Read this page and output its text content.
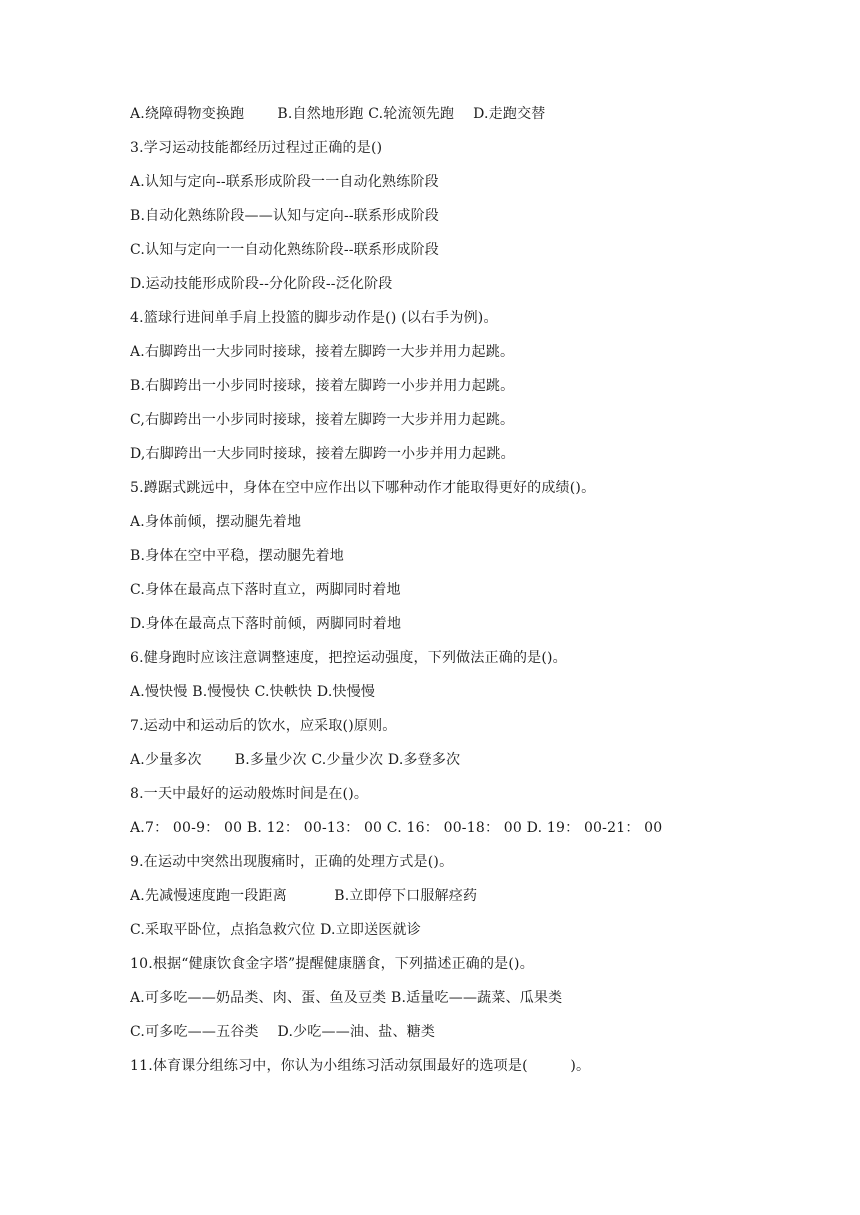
A.绕障碍物变换跑　　 B.自然地形跑 C.轮流领先跑　 D.走跑交替
3.学习运动技能都经历过程过正确的是()
A.认知与定向--联系形成阶段一一自动化熟练阶段
B.自动化熟练阶段——认知与定向--联系形成阶段
C.认知与定向一一自动化熟练阶段--联系形成阶段
D.运动技能形成阶段--分化阶段--泛化阶段
4.篮球行进间单手肩上投篮的脚步动作是() (以右手为例)。
A.右脚跨出一大步同时接球，接着左脚跨一大步并用力起跳。
B.右脚跨出一小步同时接球，接着左脚跨一小步并用力起跳。
C,右脚跨出一小步同时接球，接着左脚跨一大步并用力起跳。
D,右脚跨出一大步同时接球，接着左脚跨一小步并用力起跳。
5.蹲踞式跳远中，身体在空中应作出以下哪种动作才能取得更好的成绩()。
A.身体前倾，摆动腿先着地
B.身体在空中平稳，摆动腿先着地
C.身体在最高点下落时直立，两脚同时着地
D.身体在最高点下落时前倾，两脚同时着地
6.健身跑时应该注意调整速度，把控运动强度，下列做法正确的是()。
A.慢快慢 B.慢慢快 C.快軼快 D.快慢慢
7.运动中和运动后的饮水，应采取()原则。
A.少量多次　　 B.多量少次 C.少量少次 D.多登多次
8.一天中最好的运动般炼时间是在()。
A.7： 00-9： 00 B. 12： 00-13： 00 C. 16： 00-18： 00 D. 19： 00-21： 00
9.在运动中突然出现腹痛时，正确的处理方式是()。
A.先减慢速度跑一段距离　　　 B.立即停下口服解痉药
C.采取平卧位，点掐急救穴位 D.立即送医就诊
10.根据“健康饮食金字塔”提醒健康膳食，下列描述正确的是()。
A.可多吃——奶品类、肉、蛋、鱼及豆类 B.适量吃——蔬菜、瓜果类
C.可多吃——五谷类　 D.少吃——油、盐、糖类
11.体育课分组练习中，你认为小组练习活动氛围最好的选项是(　　　)。
